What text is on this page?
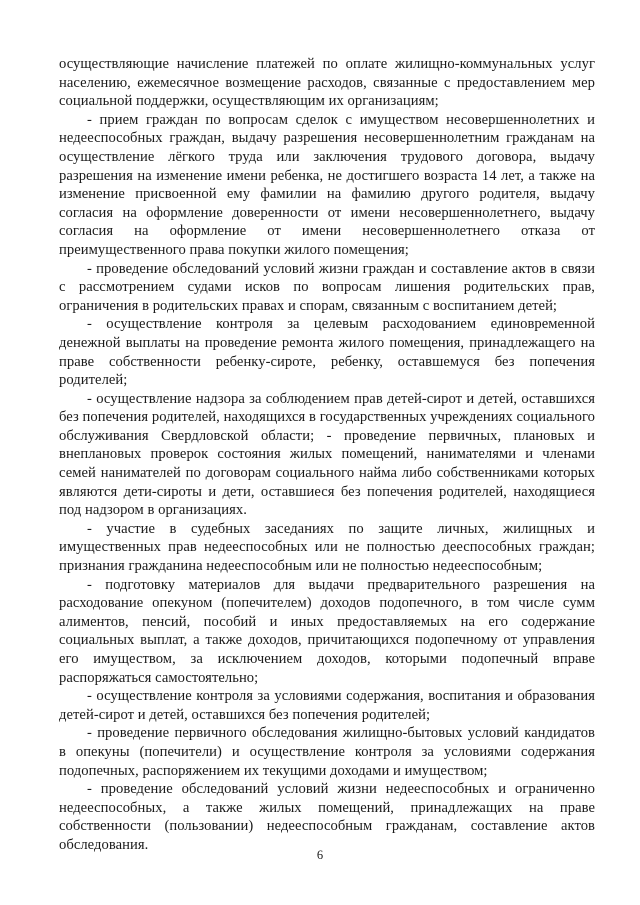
осуществляющие начисление платежей по оплате жилищно-коммунальных услуг населению, ежемесячное возмещение расходов, связанные с предоставлением мер социальной поддержки, осуществляющим их организациям;

- прием граждан по вопросам сделок с имуществом несовершеннолетних и недееспособных граждан, выдачу разрешения несовершеннолетним гражданам на осуществление лёгкого труда или заключения трудового договора, выдачу разрешения на изменение имени ребенка, не достигшего возраста 14 лет, а также на изменение присвоенной ему фамилии на фамилию другого родителя, выдачу согласия на оформление доверенности от имени несовершеннолетнего, выдачу согласия на оформление от имени несовершеннолетнего отказа от преимущественного права покупки жилого помещения;

- проведение обследований условий жизни граждан и составление актов в связи с рассмотрением судами исков по вопросам лишения родительских прав, ограничения в родительских правах и спорам, связанным с воспитанием детей;

- осуществление контроля за целевым расходованием единовременной денежной выплаты на проведение ремонта жилого помещения, принадлежащего на праве собственности ребенку-сироте, ребенку, оставшемуся без попечения родителей;

- осуществление надзора за соблюдением прав детей-сирот и детей, оставшихся без попечения родителей, находящихся в государственных учреждениях социального обслуживания Свердловской области; - проведение первичных, плановых и внеплановых проверок состояния жилых помещений, нанимателями и членами семей нанимателей по договорам социального найма либо собственниками которых являются дети-сироты и дети, оставшиеся без попечения родителей, находящиеся под надзором в организациях.

- участие в судебных заседаниях по защите личных, жилищных и имущественных прав недееспособных или не полностью дееспособных граждан; признания гражданина недееспособным или не полностью недееспособным;

- подготовку материалов для выдачи предварительного разрешения на расходование опекуном (попечителем) доходов подопечного, в том числе сумм алиментов, пенсий, пособий и иных предоставляемых на его содержание социальных выплат, а также доходов, причитающихся подопечному от управления его имуществом, за исключением доходов, которыми подопечный вправе распоряжаться самостоятельно;

- осуществление контроля за условиями содержания, воспитания и образования детей-сирот и детей, оставшихся без попечения родителей;

- проведение первичного обследования жилищно-бытовых условий кандидатов в опекуны (попечители) и осуществление контроля за условиями содержания подопечных, распоряжением их текущими доходами и имуществом;

- проведение обследований условий жизни недееспособных и ограниченно недееспособных, а также жилых помещений, принадлежащих на праве собственности (пользовании) недееспособным гражданам, составление актов обследования.

6
